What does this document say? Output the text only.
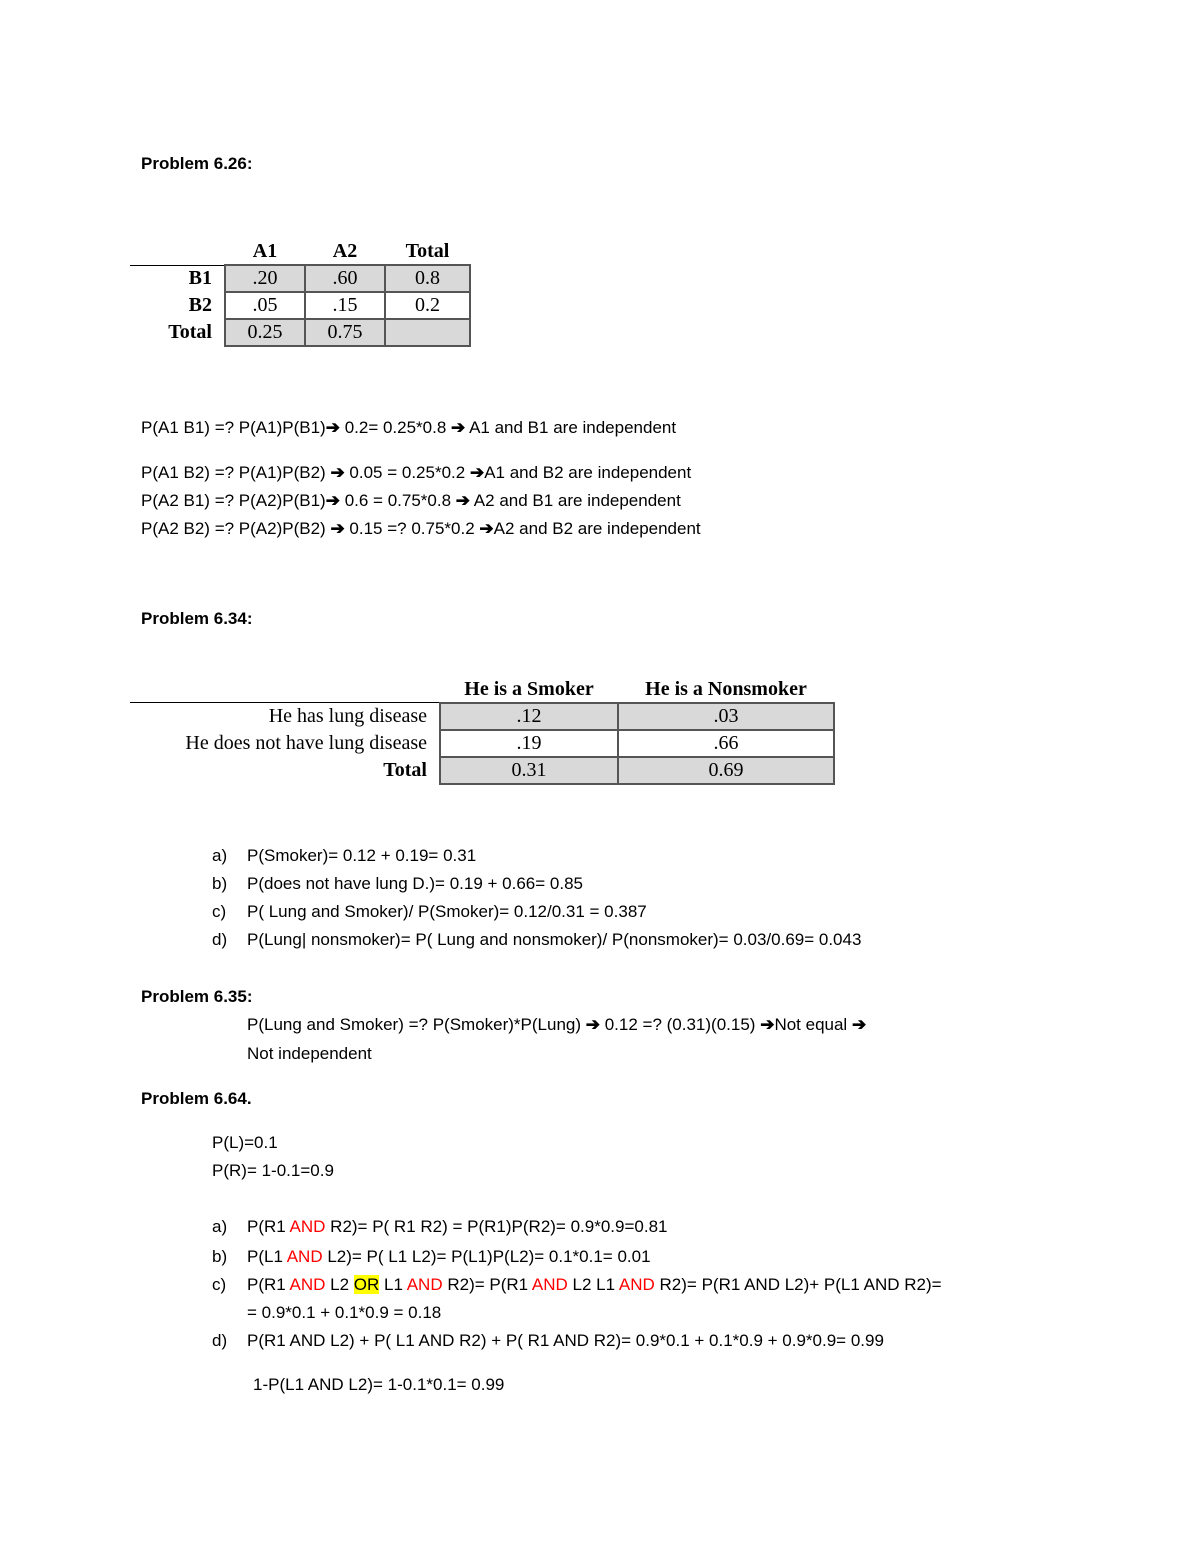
Problem 6.26:
	A1	A2	Total
B1	.20	.60	0.8
B2	.05	.15	0.2
Total	0.25	0.75	
P(A1 B1) =? P(A1)P(B1)➔ 0.2= 0.25*0.8 ➔ A1 and B1 are independent
P(A1 B2) =? P(A1)P(B2) ➔ 0.05 = 0.25*0.2 ➔A1 and B2 are independent
P(A2 B1) =? P(A2)P(B1)➔ 0.6 = 0.75*0.8 ➔ A2 and B1 are independent
P(A2 B2) =? P(A2)P(B2) ➔ 0.15 =? 0.75*0.2 ➔A2 and B2 are independent
Problem 6.34:
	He is a Smoker	He is a Nonsmoker
He has lung disease	.12	.03
He does not have lung disease	.19	.66
Total	0.31	0.69
a) P(Smoker)= 0.12 + 0.19= 0.31
b) P(does not have lung D.)= 0.19 + 0.66= 0.85
c) P( Lung and Smoker)/ P(Smoker)= 0.12/0.31 = 0.387
d) P(Lung| nonsmoker)= P( Lung and nonsmoker)/ P(nonsmoker)= 0.03/0.69= 0.043
Problem 6.35:
P(Lung and Smoker) =? P(Smoker)*P(Lung) ➔ 0.12 =? (0.31)(0.15) ➔Not equal ➔
Not independent
Problem 6.64.
P(L)=0.1
P(R)= 1-0.1=0.9
a) P(R1 AND R2)= P( R1 R2) = P(R1)P(R2)= 0.9*0.9=0.81
b) P(L1 AND L2)= P( L1 L2)= P(L1)P(L2)= 0.1*0.1= 0.01
c) P(R1 AND L2 OR L1 AND R2)= P(R1 AND L2 L1 AND R2)= P(R1 AND L2)+ P(L1 AND R2)=
= 0.9*0.1 + 0.1*0.9 = 0.18
d) P(R1 AND L2) + P( L1 AND R2) + P( R1 AND R2)= 0.9*0.1 + 0.1*0.9 + 0.9*0.9= 0.99
1-P(L1 AND L2)= 1-0.1*0.1= 0.99
